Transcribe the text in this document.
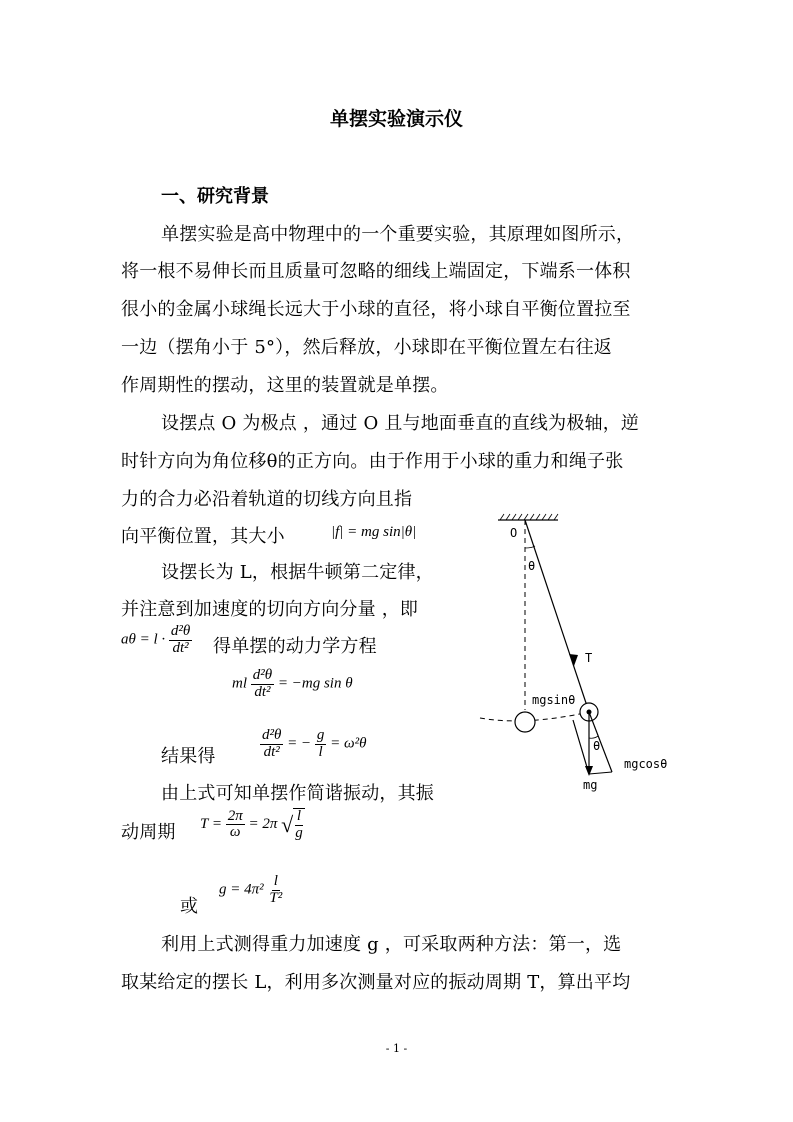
单摆实验演示仪
一、研究背景
单摆实验是高中物理中的一个重要实验，其原理如图所示，
将一根不易伸长而且质量可忽略的细线上端固定，下端系一体积
很小的金属小球绳长远大于小球的直径，将小球自平衡位置拉至
一边（摆角小于 5°），然后释放，小球即在平衡位置左右往返
作周期性的摆动，这里的装置就是单摆。
设摆点 O 为极点 ，通过 O 且与地面垂直的直线为极轴，逆
时针方向为角位移θ的正方向。由于作用于小球的重力和绳子张
力的合力必沿着轨道的切线方向且指
向平衡位置，其大小	|f| = mg sin|θ|
设摆长为 L，根据牛顿第二定律，
并注意到加速度的切向方向分量 ，即
$a\theta = l \cdot \frac{\text{d²θ}}{\text{dt²}}$ 得单摆的动力学方程
ml $\frac{\text{d²θ}}{\text{dt²}} = -mg$ sin θ
结果得	$\frac{\text{d²θ}}{\text{dt²}}$ = − $\frac{g}{l} = \omega^2\theta$
由上式可知单摆作简谐振动，其振
动周期 $T = \frac{2\pi}{\omega} = 2\pi$ √ $\frac{l}{g}$
或
$g = 4\pi^2 \frac{l}{\text{T²}}$
利用上式测得重力加速度 g ，可采取两种方法：第一，选
取某给定的摆长 L，利用多次测量对应的振动周期 T，算出平均
O
θ
T
mgsinθ
θ
mgcosθ
mg
- 1 -
